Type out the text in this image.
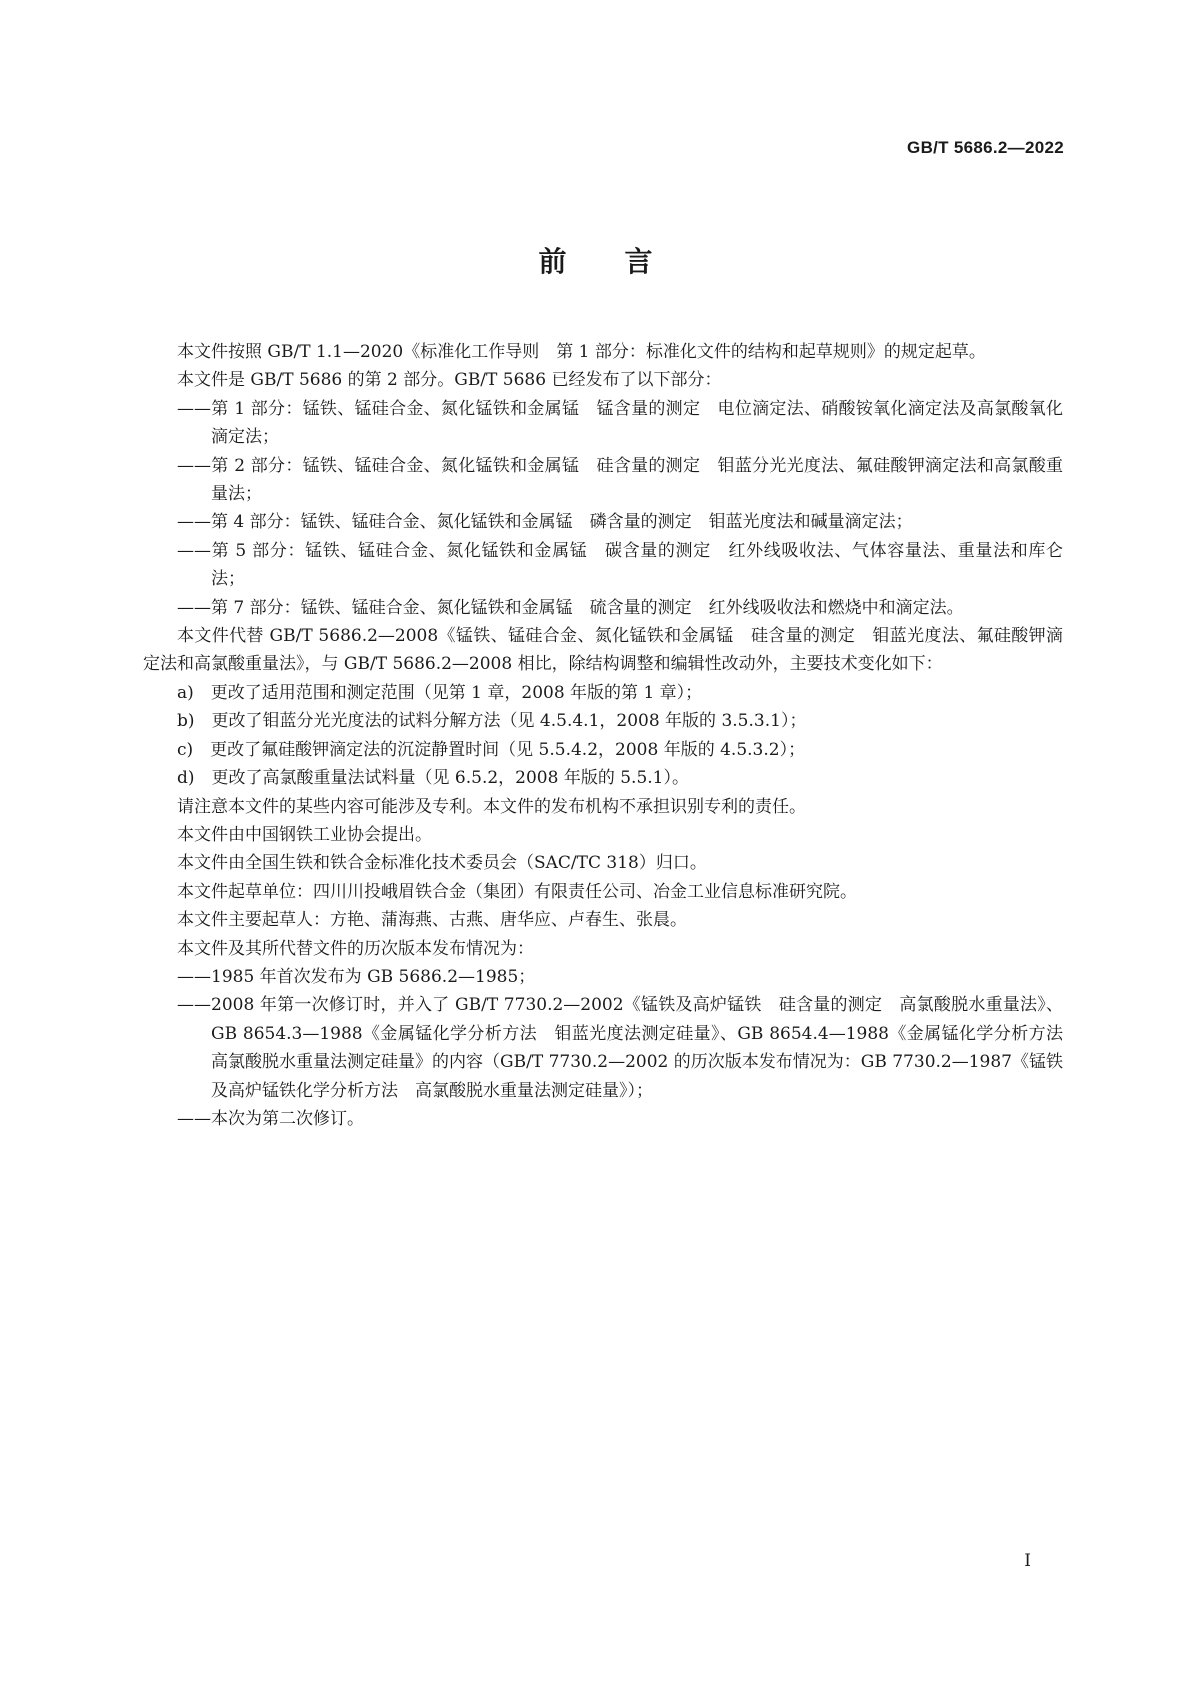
GB/T 5686.2—2022
前言

本文件按照 GB/T 1.1—2020《标准化工作导则　第 1 部分：标准化文件的结构和起草规则》的规定起草。

本文件是 GB/T 5686 的第 2 部分。GB/T 5686 已经发布了以下部分：

——第 1 部分：锰铁、锰硅合金、氮化锰铁和金属锰　锰含量的测定　电位滴定法、硝酸铵氧化滴定法及高氯酸氧化滴定法；

——第 2 部分：锰铁、锰硅合金、氮化锰铁和金属锰　硅含量的测定　钼蓝分光光度法、氟硅酸钾滴定法和高氯酸重量法；

——第 4 部分：锰铁、锰硅合金、氮化锰铁和金属锰　磷含量的测定　钼蓝光度法和碱量滴定法；

——第 5 部分：锰铁、锰硅合金、氮化锰铁和金属锰　碳含量的测定　红外线吸收法、气体容量法、重量法和库仑法；

——第 7 部分：锰铁、锰硅合金、氮化锰铁和金属锰　硫含量的测定　红外线吸收法和燃烧中和滴定法。

本文件代替 GB/T 5686.2—2008《锰铁、锰硅合金、氮化锰铁和金属锰　硅含量的测定　钼蓝光度法、氟硅酸钾滴定法和高氯酸重量法》，与 GB/T 5686.2—2008 相比，除结构调整和编辑性改动外，主要技术变化如下：

a)　更改了适用范围和测定范围（见第 1 章，2008 年版的第 1 章）；

b)　更改了钼蓝分光光度法的试料分解方法（见 4.5.4.1，2008 年版的 3.5.3.1）；

c)　更改了氟硅酸钾滴定法的沉淀静置时间（见 5.5.4.2，2008 年版的 4.5.3.2）；

d)　更改了高氯酸重量法试料量（见 6.5.2，2008 年版的 5.5.1）。

请注意本文件的某些内容可能涉及专利。本文件的发布机构不承担识别专利的责任。

本文件由中国钢铁工业协会提出。

本文件由全国生铁和铁合金标准化技术委员会（SAC/TC 318）归口。

本文件起草单位：四川川投峨眉铁合金（集团）有限责任公司、冶金工业信息标准研究院。

本文件主要起草人：方艳、蒲海燕、古燕、唐华应、卢春生、张晨。

本文件及其所代替文件的历次版本发布情况为：

——1985 年首次发布为 GB 5686.2—1985；

——2008 年第一次修订时，并入了 GB/T 7730.2—2002《锰铁及高炉锰铁　硅含量的测定　高氯酸脱水重量法》、GB 8654.3—1988《金属锰化学分析方法　钼蓝光度法测定硅量》、GB 8654.4—1988《金属锰化学分析方法　高氯酸脱水重量法测定硅量》的内容（GB/T 7730.2—2002 的历次版本发布情况为：GB 7730.2—1987《锰铁及高炉锰铁化学分析方法　高氯酸脱水重量法测定硅量》）；

——本次为第二次修订。

Ⅰ
